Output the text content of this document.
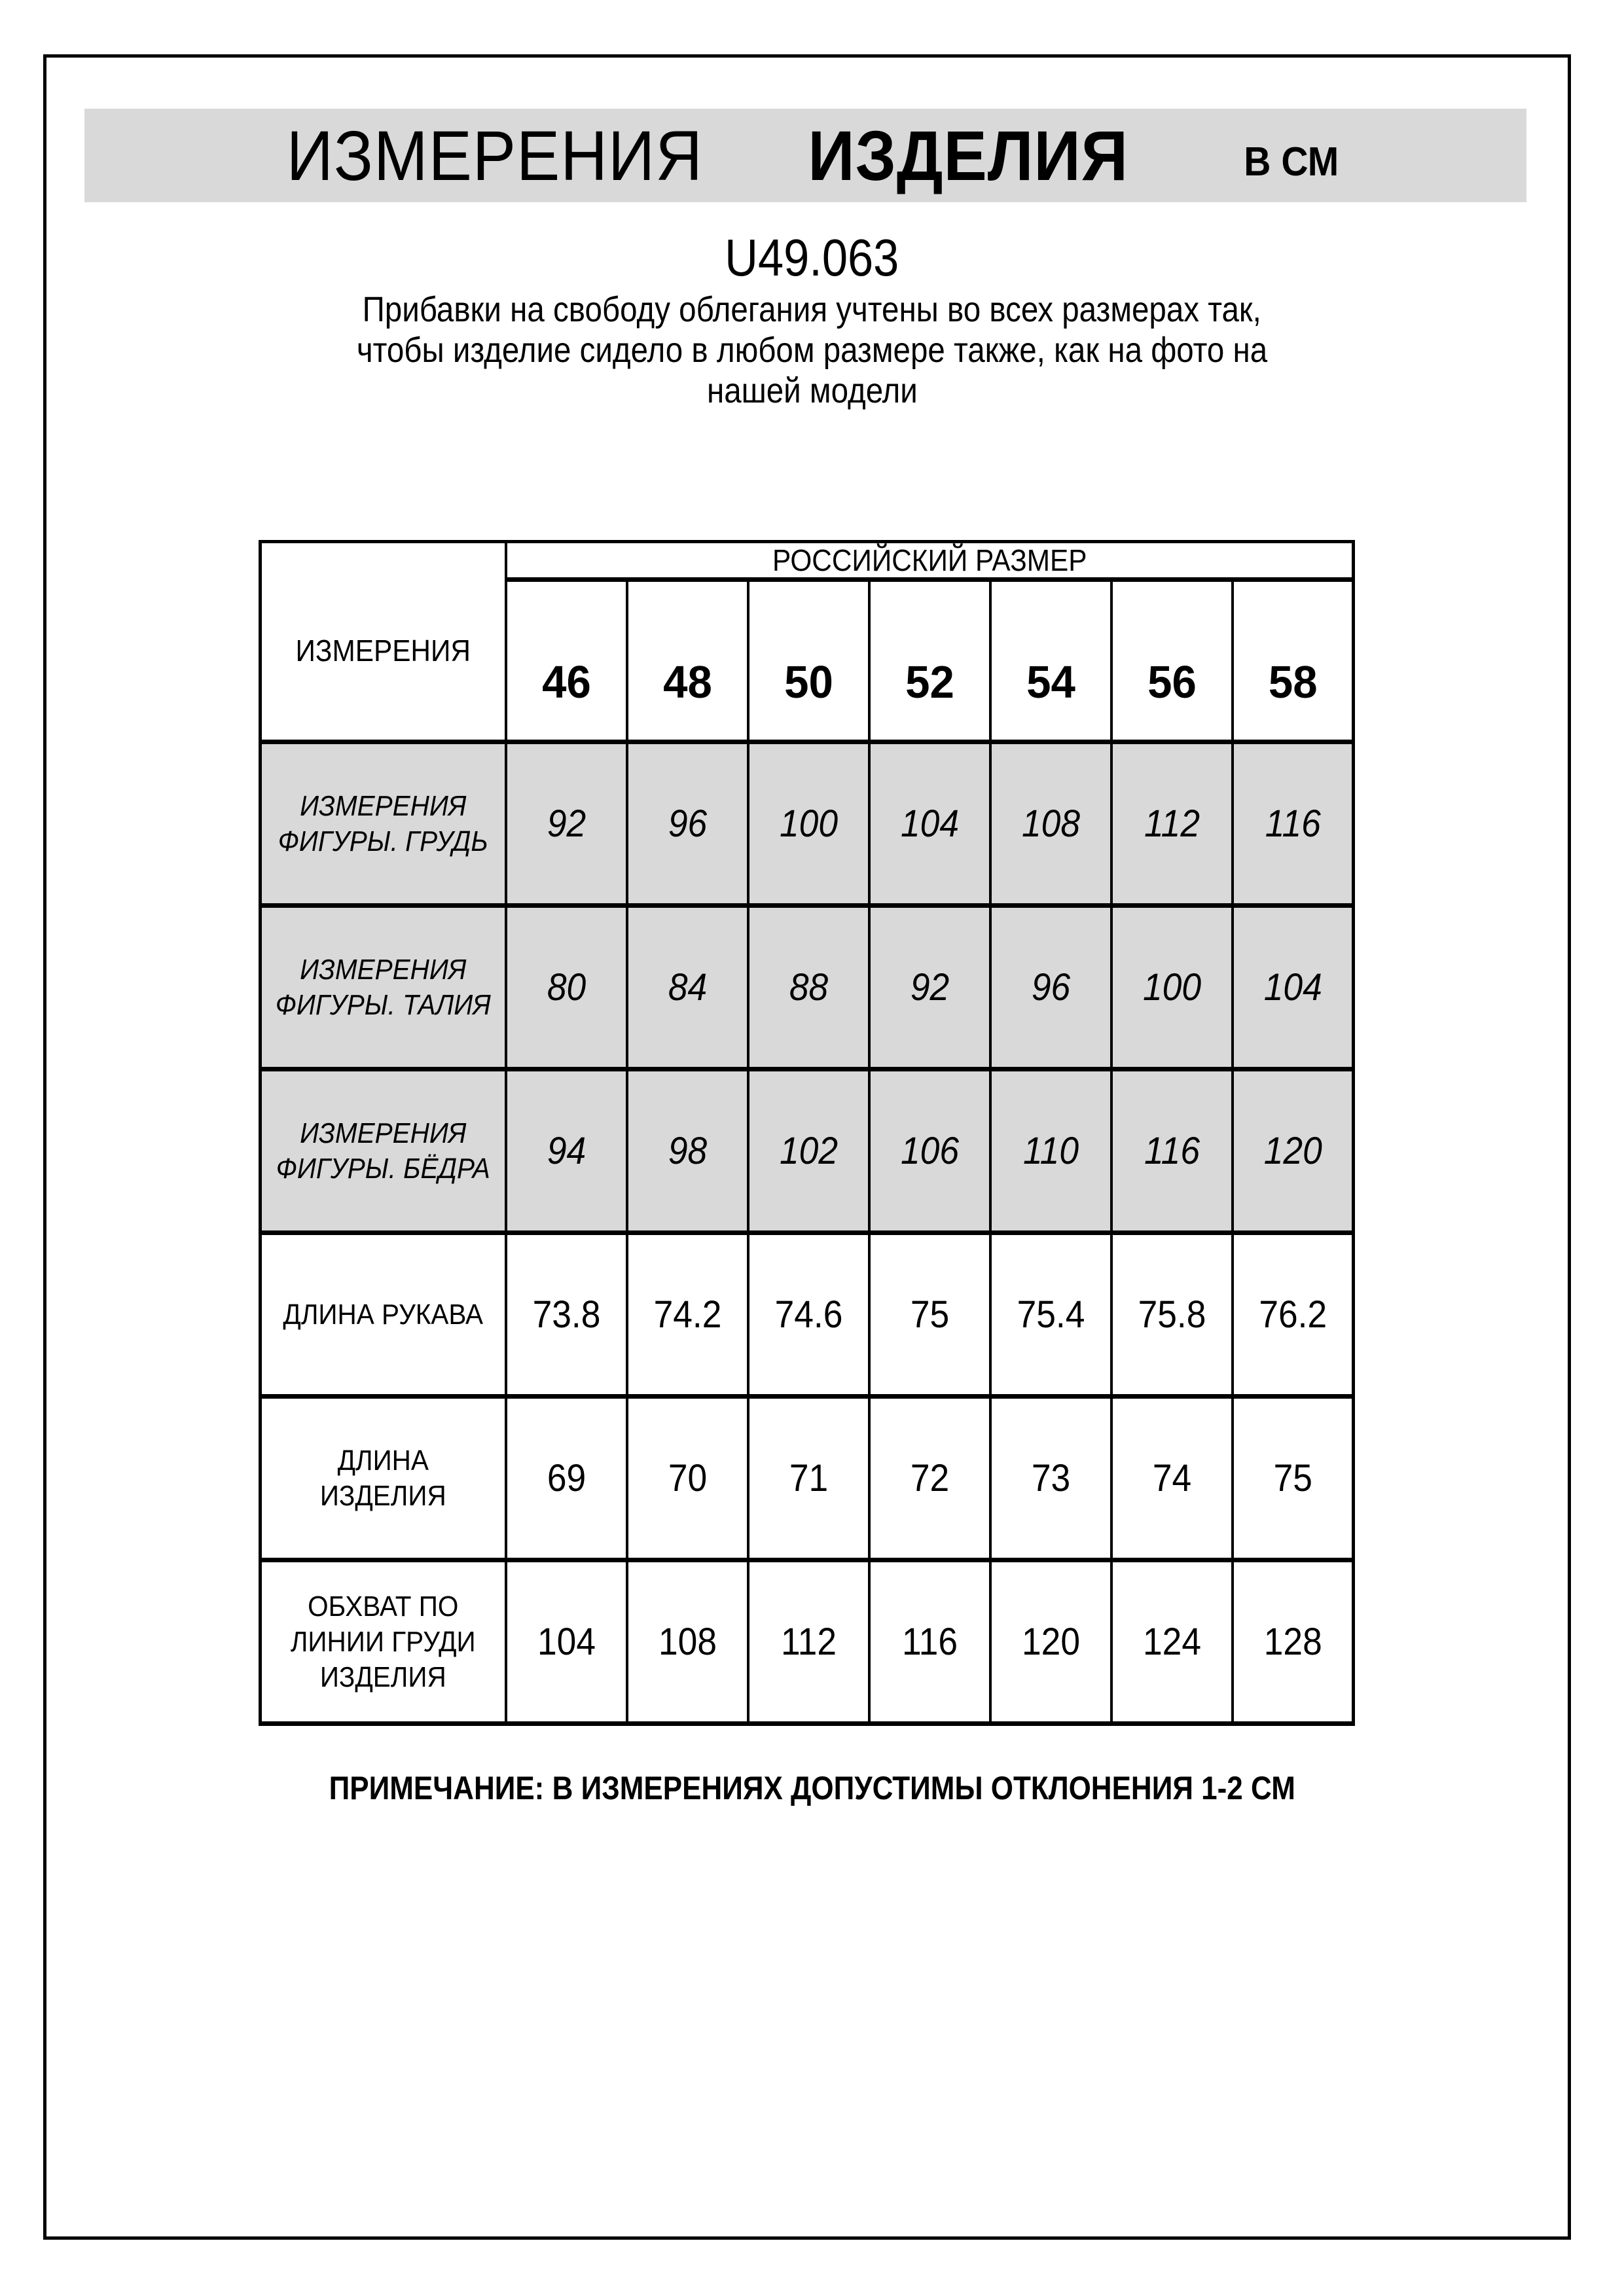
ИЗМЕРЕНИЯ ИЗДЕЛИЯ	В СМ
U49.063
Прибавки на свободу облегания учтены во всех размерах так,
чтобы изделие сидело в любом размере также, как на фото на
нашей модели
ИЗМЕРЕНИЯ	РОССИЙСКИЙ РАЗМЕР						

	46	48	50	52	54	56	58

ИЗМЕРЕНИЯ
ФИГУРЫ. ГРУДЬ	92	96	100	104	108	112	116

ИЗМЕРЕНИЯ
ФИГУРЫ. ТАЛИЯ	80	84	88	92	96	100	104

ИЗМЕРЕНИЯ
ФИГУРЫ. БЁДРА	94	98	102	106	110	116	120

ДЛИНА РУКАВА	73.8	74.2	74.6	75	75.4	75.8	76.2

ДЛИНА ИЗДЕЛИЯ	69	70	71	72	73	74	75

ОБХВАТ ПО
ЛИНИИ ГРУДИ
ИЗДЕЛИЯ	104	108	112	116	120	124	128
ПРИМЕЧАНИЕ: В ИЗМЕРЕНИЯХ ДОПУСТИМЫ ОТКЛОНЕНИЯ 1-2 СМ
